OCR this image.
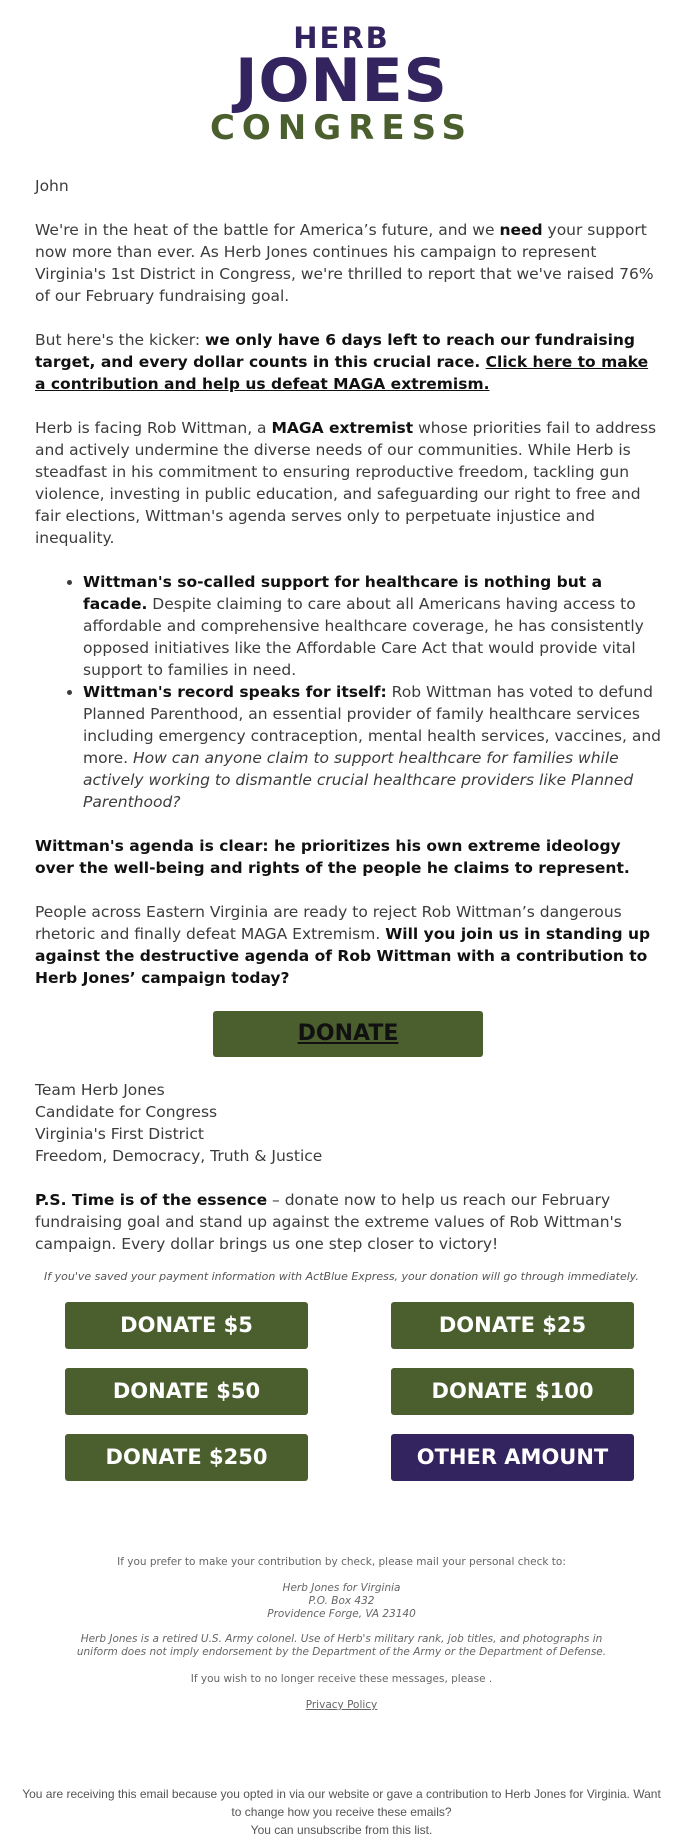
HERB
JONES
CONGRESS

John

We're in the heat of the battle for America’s future, and we need your support now more than ever. As Herb Jones continues his campaign to represent Virginia's 1st District in Congress, we're thrilled to report that we've raised 76% of our February fundraising goal.

But here's the kicker: we only have 6 days left to reach our fundraising target, and every dollar counts in this crucial race. Click here to make a contribution and help us defeat MAGA extremism.

Herb is facing Rob Wittman, a MAGA extremist whose priorities fail to address and actively undermine the diverse needs of our communities. While Herb is steadfast in his commitment to ensuring reproductive freedom, tackling gun violence, investing in public education, and safeguarding our right to free and fair elections, Wittman's agenda serves only to perpetuate injustice and inequality.

• Wittman's so-called support for healthcare is nothing but a facade. Despite claiming to care about all Americans having access to affordable and comprehensive healthcare coverage, he has consistently opposed initiatives like the Affordable Care Act that would provide vital support to families in need.
• Wittman's record speaks for itself: Rob Wittman has voted to defund Planned Parenthood, an essential provider of family healthcare services including emergency contraception, mental health services, vaccines, and more. How can anyone claim to support healthcare for families while actively working to dismantle crucial healthcare providers like Planned Parenthood?

Wittman's agenda is clear: he prioritizes his own extreme ideology over the well-being and rights of the people he claims to represent.

People across Eastern Virginia are ready to reject Rob Wittman’s dangerous rhetoric and finally defeat MAGA Extremism. Will you join us in standing up against the destructive agenda of Rob Wittman with a contribution to Herb Jones’ campaign today?

DONATE

Team Herb Jones

Candidate for Congress

Virginia's First District

Freedom, Democracy, Truth & Justice

P.S. Time is of the essence – donate now to help us reach our February fundraising goal and stand up against the extreme values of Rob Wittman's campaign. Every dollar brings us one step closer to victory!

If you've saved your payment information with ActBlue Express, your donation will go through immediately.
DONATE $5	DONATE $25
DONATE $50	DONATE $100
DONATE $250	OTHER AMOUNT
If you prefer to make your contribution by check, please mail your personal check to:
Herb Jones for Virginia
P.O. Box 432
Providence Forge, VA 23140
Herb Jones is a retired U.S. Army colonel. Use of Herb's military rank, job titles, and photographs in uniform does not imply endorsement by the Department of the Army or the Department of Defense.
If you wish to no longer receive these messages, please .
Privacy Policy
You are receiving this email because you opted in via our website or gave a contribution to Herb Jones for Virginia. Want to change how you receive these emails?
You can unsubscribe from this list.
